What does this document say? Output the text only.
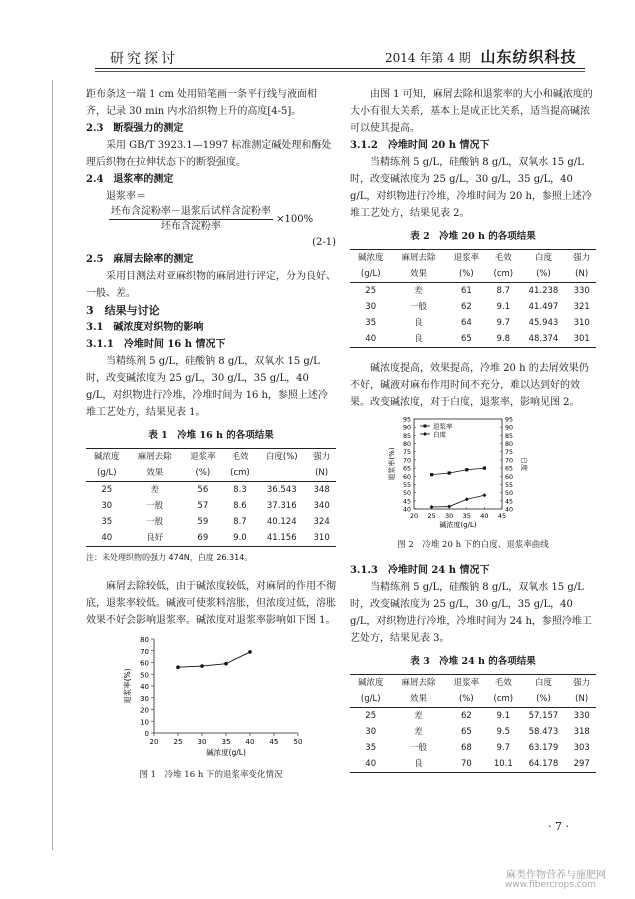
研究探讨	2014 年第 4 期 山东纺织科技

距布条这一端 1 cm 处用铅笔画一条平行线与液面相齐，记录 30 min 内水沿织物上升的高度[4-5]。

2.3　断裂强力的测定

采用 GB/T 3923.1—1997 标准测定碱处理和酶处理后织物在拉伸状态下的断裂强度。

2.4　退浆率的测定

退浆率＝

$\frac{\text{坯布含淀粉率－退浆后试样含淀粉率}}{\text{坯布含淀粉率}} \times 100\%$

(2-1)

2.5　麻屑去除率的测定

采用目测法对亚麻织物的麻屑进行评定，分为良好、一般、差。

3　结果与讨论

3.1　碱浓度对织物的影响

3.1.1　冷堆时间 16 h 情况下

当精练剂 5 g/L，硅酸钠 8 g/L，双氧水 15 g/L 时，改变碱浓度为 25 g/L，30 g/L，35 g/L，40 g/L，对织物进行冷堆，冷堆时间为 16 h，参照上述冷堆工艺处方，结果见表 1。

表 1　冷堆 16 h 的各项结果
碱浓度	麻屑去除	退浆率	毛效	白度(%)	强力
(g/L)	效果	(%)	(cm)		(N)
25	差	56	8.3	36.543	348
30	一般	57	8.6	37.316	340
35	一般	59	8.7	40.124	324
40	良好	69	9.0	41.156	310
注：未处理织物的强力 474N，白度 26.314。

麻屑去除较低，由于碱浓度较低，对麻屑的作用不彻底，退浆率较低。碱液可使浆料溶胀，但浓度过低，溶胀效果不好会影响退浆率。碱浓度对退浆率影响如下图 1。

0
10
20
30
40
50
60
70
80
20 25 30 35 40 45 50
碱浓度(g/L)
退浆率(%)
图 1　冷堆 16 h 下的退浆率变化情况

由图 1 可知，麻屑去除和退浆率的大小和碱浓度的大小有很大关系，基本上是成正比关系，适当提高碱浓可以使其提高。

3.1.2　冷堆时间 20 h 情况下

当精练剂 5 g/L，硅酸钠 8 g/L，双氧水 15 g/L 时，改变碱浓度为 25 g/L，30 g/L，35 g/L，40 g/L，对织物进行冷堆，冷堆时间为 20 h，参照上述冷堆工艺处方，结果见表 2。

表 2　冷堆 20 h 的各项结果
碱浓度	麻屑去除	退浆率	毛效	白度	强力
(g/L)	效果	(%)	(cm)	(%)	(N)
25	差	61	8.7	41.238	330
30	一般	62	9.1	41.497	321
35	良	64	9.7	45.943	310
40	良	65	9.8	48.374	301

碱浓度提高，效果提高，冷堆 20 h 的去屑效果仍不好，碱液对麻布作用时间不充分，难以达到好的效果。改变碱浓度，对于白度，退浆率，影响见图 2。

40	40
45	45
50	50
55	55
60	60
65	65
70	70
75	75
80	80
85	85
90	90
95	95
20 25 30 35 40 45
碱浓度(g/L)
退浆率(%)	白度
退浆率
白度
图 2　冷堆 20 h 下的白度、退浆率曲线

3.1.3　冷堆时间 24 h 情况下

当精练剂 5 g/L，硅酸钠 8 g/L，双氧水 15 g/L 时，改变碱浓度为 25 g/L，30 g/L，35 g/L，40 g/L，对织物进行冷堆，冷堆时间为 24 h，参照冷堆工艺处方，结果见表 3。

表 3　冷堆 24 h 的各项结果
碱浓度	麻屑去除	退浆率	毛效	白度	强力
(g/L)	效果	(%)	(cm)	(%)	(N)
25	差	62	9.1	57.157	330
30	差	65	9.5	58.473	318
35	一般	68	9.7	63.179	303
40	良	70	10.1	64.178	297
· 7 ·
麻类作物营养与施肥网
www.fibercrops.com
